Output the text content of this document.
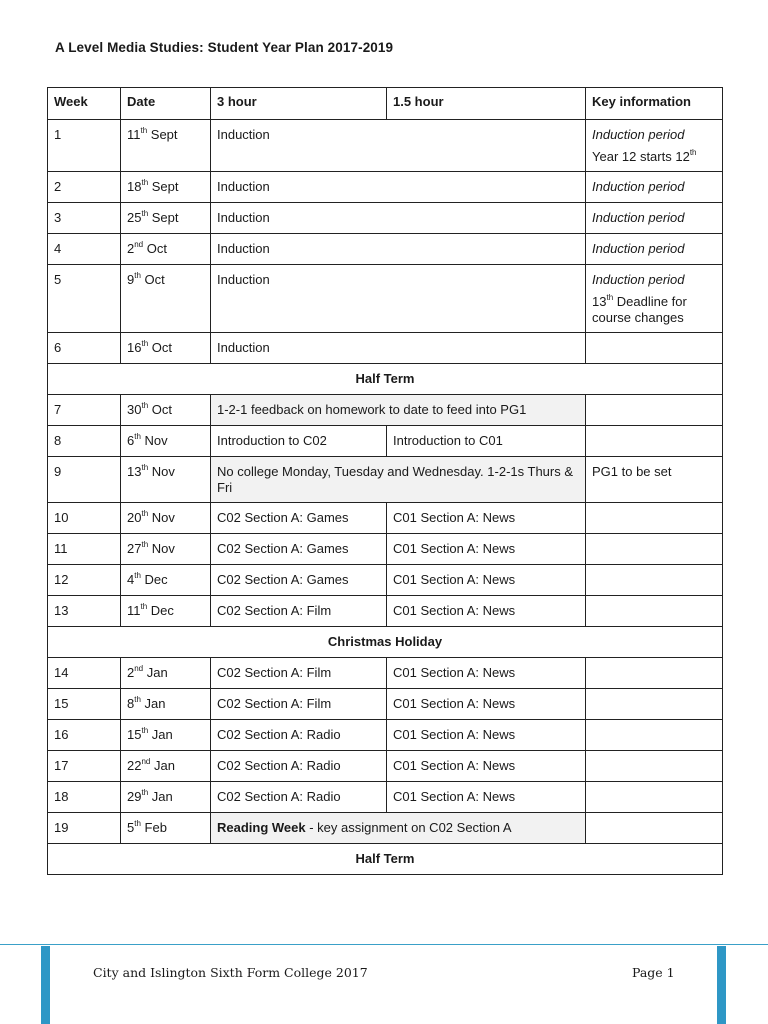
A Level Media Studies: Student Year Plan 2017-2019
Week	Date	3 hour	1.5 hour	Key information
1	11th Sept	Induction		Induction period
Year 12 starts 12th

2	18th Sept	Induction		Induction period

3	25th Sept	Induction		Induction period

4	2nd Oct	Induction		Induction period

5	9th Oct	Induction		Induction period
13th Deadline for course changes

6	16th Oct	Induction		
Half Term				
7	30th Oct	1-2-1 feedback on homework to date to feed into PG1		
8	6th Nov	Introduction to C02	Introduction to C01	
9	13th Nov	No college Monday, Tuesday and Wednesday. 1-2-1s Thurs & Fri		PG1 to be set

10	20th Nov	C02 Section A: Games	C01 Section A: News	
11	27th Nov	C02 Section A: Games	C01 Section A: News	
12	4th Dec	C02 Section A: Games	C01 Section A: News	
13	11th Dec	C02 Section A: Film	C01 Section A: News	
Christmas Holiday				
14	2nd Jan	C02 Section A: Film	C01 Section A: News	
15	8th Jan	C02 Section A: Film	C01 Section A: News	
16	15th Jan	C02 Section A: Radio	C01 Section A: News	
17	22nd Jan	C02 Section A: Radio	C01 Section A: News	
18	29th Jan	C02 Section A: Radio	C01 Section A: News	
19	5th Feb	Reading Week - key assignment on C02 Section A		
Half Term				
City and Islington Sixth Form College 2017	Page 1
